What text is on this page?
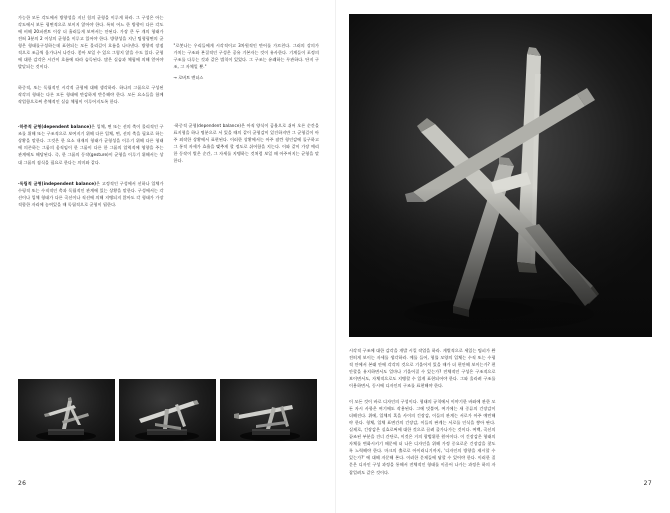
가능한 모든 각도에서 방향성을 지닌 힘의 균형을 이루게 하라. 그 구성은 아는 각도에서 보든 평면적으로 보이지 않아야 한다. 특히 어느 한 방향이 다른 각도에 비해 20퍼센트 이상 더 흘러들게 보여서는 안된다. 가장 큰 두 개의 형태가 전혀 3분의 2 이상의 균형을 이루고 있어야 한다. 방향성을 지닌 팀형평면의 균형은 형태를구성하는데 표현되는 모든 물리길이 흐름을 나타낸다. 방향적 장점적으로 조금씩 움가나서 나간다. 좋아 보일 수 있으 그렇지 않을 수도 있다. 균형에 대한 감각은 시간이 흐름에 따라 습득된다. 많은 실습과 체험에 의해 얻어야 발달되는 것이다.

하중적, 또는 독립적인 시각적 균형에 대해 생각하라. 하나의 그룹으로 구성된 작각의 형태는 다른 모든 형태에 만감하게 반응해야 한다. 모든 요소들을 함께 작업함으로써 총체적인 실습 체험이 이루어지도록 한다.

·하중적 균형(dependent balance)은 입체, 면 또는 선의 축이 물리적인 구조를 위해 또는 구조적으로 보여지기 위해 다른 입체, 면, 선의 축을 필요로 하는 상황을 말한다. 그것은 한 요소 내재의 형태가 균형성을 이루기 위해 다른 형태에 의존하는 그룹의 움직임이 한 그룹이 다른 한 그룹의 압력적에 영향을 주는 관계에도 해당된다. 즉, 한 그룹의 동작(gesture)이 균형을 이루기 위해서는 상대 그룹의 점식을 필요로 한다는 의미와 같다.

·독립적 균형(independent balance)은 고정적인 구성에서 선하나 입체가 수평적 또는 수직적인 축과 독립적인 관계에 있는 상황을 말한다. 구성에서는 각선이나 입체 형태가 다른 곡선이나 직선에 의해 지탱되지 않아도 각 형태가 가장 적합한 자리에 놓여있을 때 독립적으로 균형이 됩한다.

"로봇나는 우리들에게 시각적이고 3차원적인 만어를 가르친다. 그러의 강의가 가치는 구조와 본질적인 구성은 공유 기본자는 것이 유사한다. 기계들이 포정의 구조를 다루는 것과 같은 법칙이 있었다. 그 구조는 유쾌하는 무관하다. 단지 구조, 그 자체일 뿐."

→ 로버트 엔더스

·하중적 균형(dependent balance)은 아직 양식이 곰율으로 쉬어 오른 순간을 표지형을 하나 명분으로 서 있을 때의 같이 균형감이 있건하지만 그 균형길이 아주 외작한 상황에서 표현된다. 이러한 상황에서는 아주 잠깐 형인감에 둘구하고 그 통적 자세가 효율을 맺추게 할 정도로 쉬어함을 지는다. 이와 같이 가장 예리한 동작이 별은 순간, 그 자세를 지탱하는 것처럼 보일 때 아주어지는 균형을 말한다.

26

시각적 구조에 대한 감각을 개발 시킬 작업을 하라. 게별적으로 세있는 팀피가 완전히게 보이는 자세를 생각하라. 예를 들어, 형률 모양의 입체는 수직 또는 수평적 안에서 본래 안에 각각의 것으로 기울어져 있을 때가 더 편안해 보이는가? 편안할을 유지하면서도 얼마나 기울어질 수 있는가? 전체적인 구성은 구조적으로 보이면서도, 자체적으로도 지탱할 수 있게 표현되어야 한다. 그와 올라려 구조를 이용하면서, 동시에 디자인의 구조를 표현해야 한다.

이 모든 것이 바로 디자인의 구성이다. 형태의 규칙에서 이야기한 바와에 관한 모든 자시 사항은 여기에도 작용된다. 그에 덧붙여, 여기에는 새 중류의 긴장감이 더해진다. 위에, 입체의 혹을 사이의 긴장감, 이들의 관계는 서로가 아주 예민해야 한다. 형체, 입체 표면간의 긴장감, 이들의 판계는 서로를 인식을 쌓아 판다. 실제로, 긴장감은 실효로써에 대한 것으로 끌려 줄가나가는 것이다. 여백, 곡선의 끝조된 부분을 건너 간단로, 이것은 거의 광범위한 원어이다. 이 긴장감은 형태의 자체를 변화시키기 때문에 더 나은 디자인을 위해 가정 중요로운 긴장감을 찾도록 노력해야 한다. 마크의 출로로 아이러니기까지, '디자인의 방향을 제시할 수 있는가?' 에 대해 자문해 본다. 이러한 문제들에 답할 수 있어야 한다. 이러한 질문은 디자인 구성 과정을 통해서 전체적인 형태를 이끌어 나가는 과정은 하의 자잡얼려도 같은 것이다.

27
